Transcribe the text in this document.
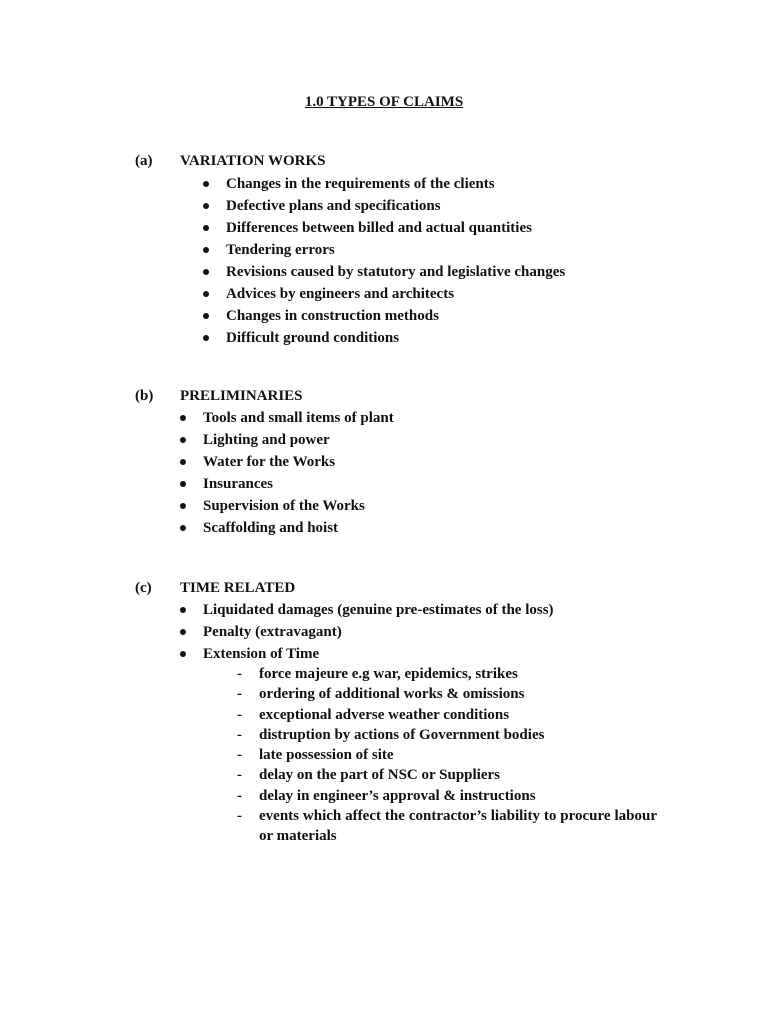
1.0 TYPES OF CLAIMS
(a) VARIATION WORKS
Changes in the requirements of the clients
Defective plans and specifications
Differences between billed and actual quantities
Tendering errors
Revisions caused by statutory and legislative changes
Advices by engineers and architects
Changes in construction methods
Difficult ground conditions
(b) PRELIMINARIES
Tools and small items of plant
Lighting and power
Water for the Works
Insurances
Supervision of the Works
Scaffolding and hoist
(c) TIME RELATED
Liquidated damages (genuine pre-estimates of the loss)
Penalty (extravagant)
Extension of Time
- force majeure e.g war, epidemics, strikes
- ordering of additional works & omissions
- exceptional adverse weather conditions
- distruption by actions of Government bodies
- late possession of site
- delay on the part of NSC or Suppliers
- delay in engineer’s approval & instructions
- events which affect the contractor’s liability to procure labour or materials
